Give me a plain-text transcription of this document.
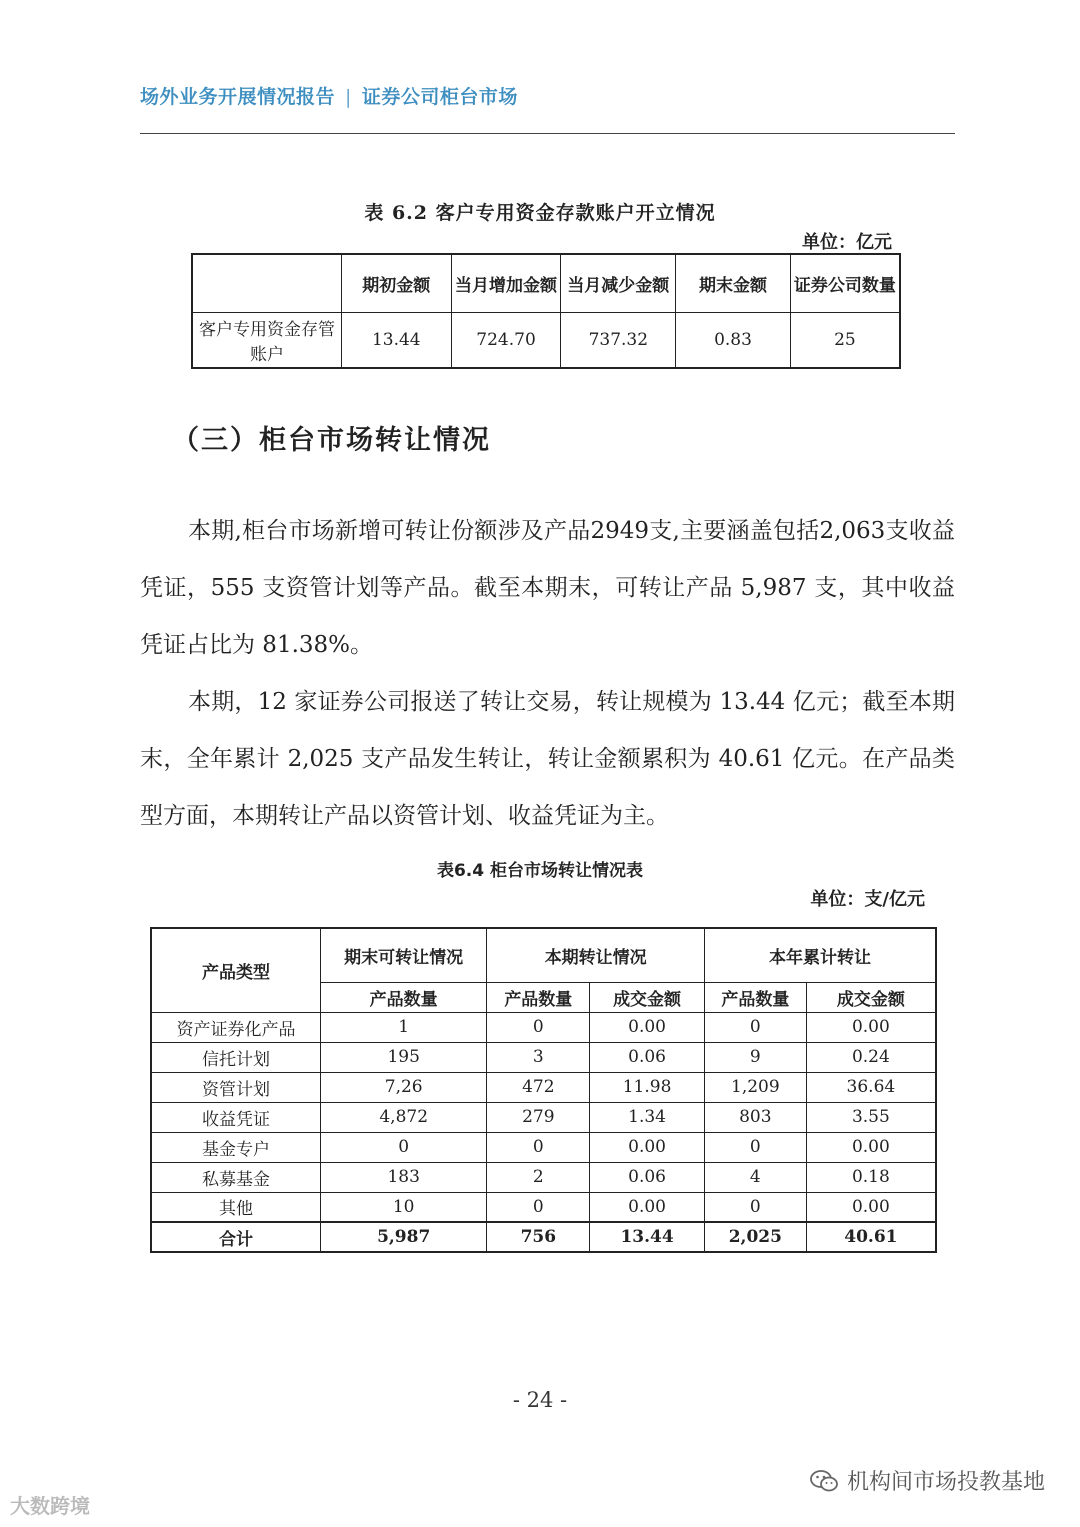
场外业务开展情况报告 | 证券公司柜台市场
表 6.2 客户专用资金存款账户开立情况
单位：亿元
	期初金额	当月增加金额	当月减少金额	期末金额	证券公司数量
客户专用资金存管账户	13.44	724.70	737.32	0.83	25
（三）柜台市场转让情况
本期,柜台市场新增可转让份额涉及产品2949支,主要涵盖包括2,063支收益凭证，555 支资管计划等产品。截至本期末，可转让产品 5,987 支，其中收益凭证占比为 81.38%。
本期，12 家证券公司报送了转让交易，转让规模为 13.44 亿元；截至本期末，全年累计 2,025 支产品发生转让，转让金额累积为 40.61 亿元。在产品类型方面，本期转让产品以资管计划、收益凭证为主。
表6.4 柜台市场转让情况表
单位：支/亿元
产品类型	期末可转让情况	本期转让情况		本年累计转让	
	产品数量	产品数量	成交金额	产品数量	成交金额
资产证券化产品	1	0	0.00	0	0.00
信托计划	195	3	0.06	9	0.24
资管计划	7,26	472	11.98	1,209	36.64
收益凭证	4,872	279	1.34	803	3.55
基金专户	0	0	0.00	0	0.00
私募基金	183	2	0.06	4	0.18
其他	10	0	0.00	0	0.00
合计	5,987	756	13.44	2,025	40.61
- 24 -
机构间市场投教基地
大数跨境
